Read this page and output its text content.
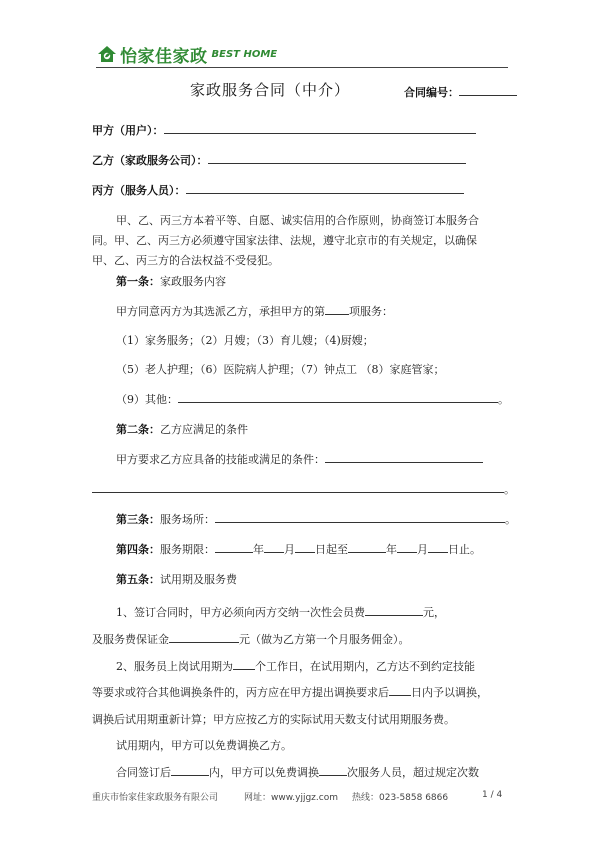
怡家佳家政 BEST HOME
家政服务合同（中介）	合同编号：
甲方（用户）：
乙方（家政服务公司）：
丙方（服务人员）：
甲、乙、丙三方本着平等、自愿、诚实信用的合作原则，协商签订本服务合
同。甲、乙、丙三方必须遵守国家法律、法规，遵守北京市的有关规定，以确保
甲、乙、丙三方的合法权益不受侵犯。
第一条：家政服务内容
甲方同意丙方为其选派乙方，承担甲方的第 项服务：
（1）家务服务；（2）月嫂；（3）育儿嫂；（4)厨嫂；
（5）老人护理；（6）医院病人护理；（7）钟点工 （8）家庭管家；
（9）其他：	。
第二条：乙方应满足的条件
甲方要求乙方应具备的技能或满足的条件：
。
第三条：服务场所：	。
第四条：服务期限：	年 月 日起至	年 月 日止。
第五条：试用期及服务费
1、签订合同时，甲方必须向丙方交纳一次性会员费	元，
及服务费保证金	元（做为乙方第一个月服务佣金）。
2、服务员上岗试用期为 个工作日，在试用期内，乙方达不到约定技能
等要求或符合其他调换条件的，丙方应在甲方提出调换要求后 日内予以调换，
调换后试用期重新计算；甲方应按乙方的实际试用天数支付试用期服务费。
试用期内，甲方可以免费调换乙方。
合同签订后	内，甲方可以免费调换	次服务人员，超过规定次数
重庆市怡家佳家政服务有限公司	网址：www.yjjgz.com 热线：023-5858 6866	1 / 4
